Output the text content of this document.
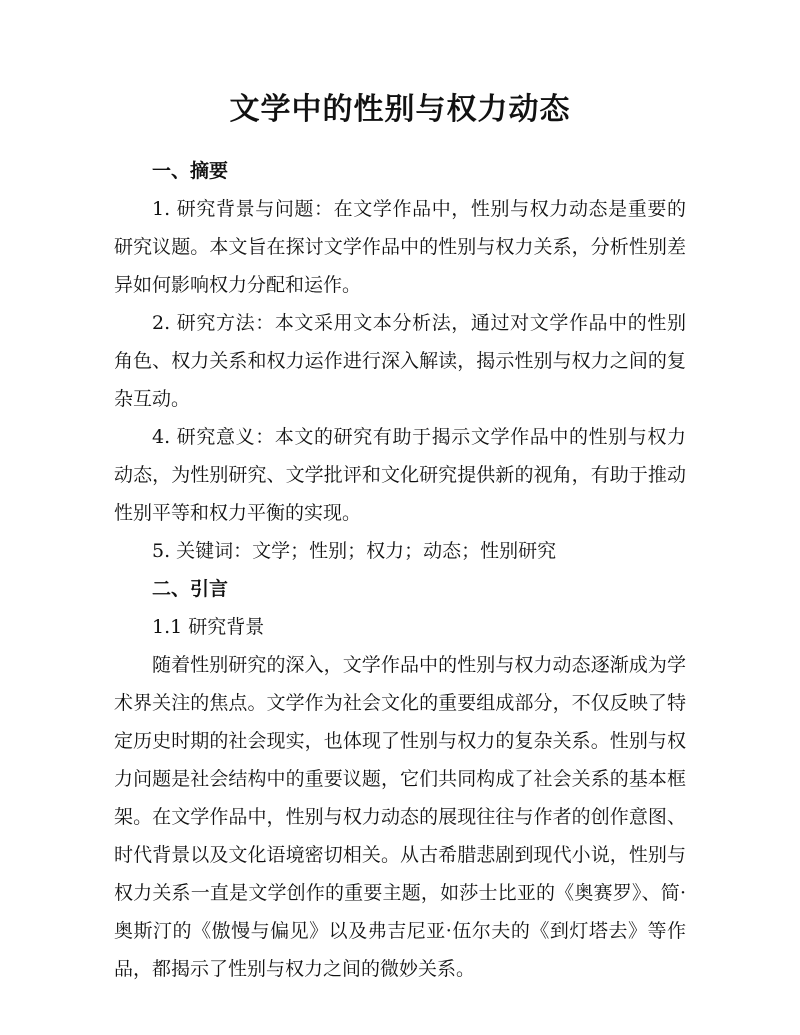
文学中的性别与权力动态

一、摘要

1. 研究背景与问题：在文学作品中，性别与权力动态是重要的研究议题。本文旨在探讨文学作品中的性别与权力关系，分析性别差异如何影响权力分配和运作。

2. 研究方法：本文采用文本分析法，通过对文学作品中的性别角色、权力关系和权力运作进行深入解读，揭示性别与权力之间的复杂互动。

4. 研究意义：本文的研究有助于揭示文学作品中的性别与权力动态，为性别研究、文学批评和文化研究提供新的视角，有助于推动性别平等和权力平衡的实现。

5. 关键词：文学；性别；权力；动态；性别研究

二、引言

1.1 研究背景

随着性别研究的深入，文学作品中的性别与权力动态逐渐成为学术界关注的焦点。文学作为社会文化的重要组成部分，不仅反映了特定历史时期的社会现实，也体现了性别与权力的复杂关系。性别与权力问题是社会结构中的重要议题，它们共同构成了社会关系的基本框架。在文学作品中，性别与权力动态的展现往往与作者的创作意图、时代背景以及文化语境密切相关。从古希腊悲剧到现代小说，性别与权力关系一直是文学创作的重要主题，如莎士比亚的《奥赛罗》、简·奥斯汀的《傲慢与偏见》以及弗吉尼亚·伍尔夫的《到灯塔去》等作品，都揭示了性别与权力之间的微妙关系。
